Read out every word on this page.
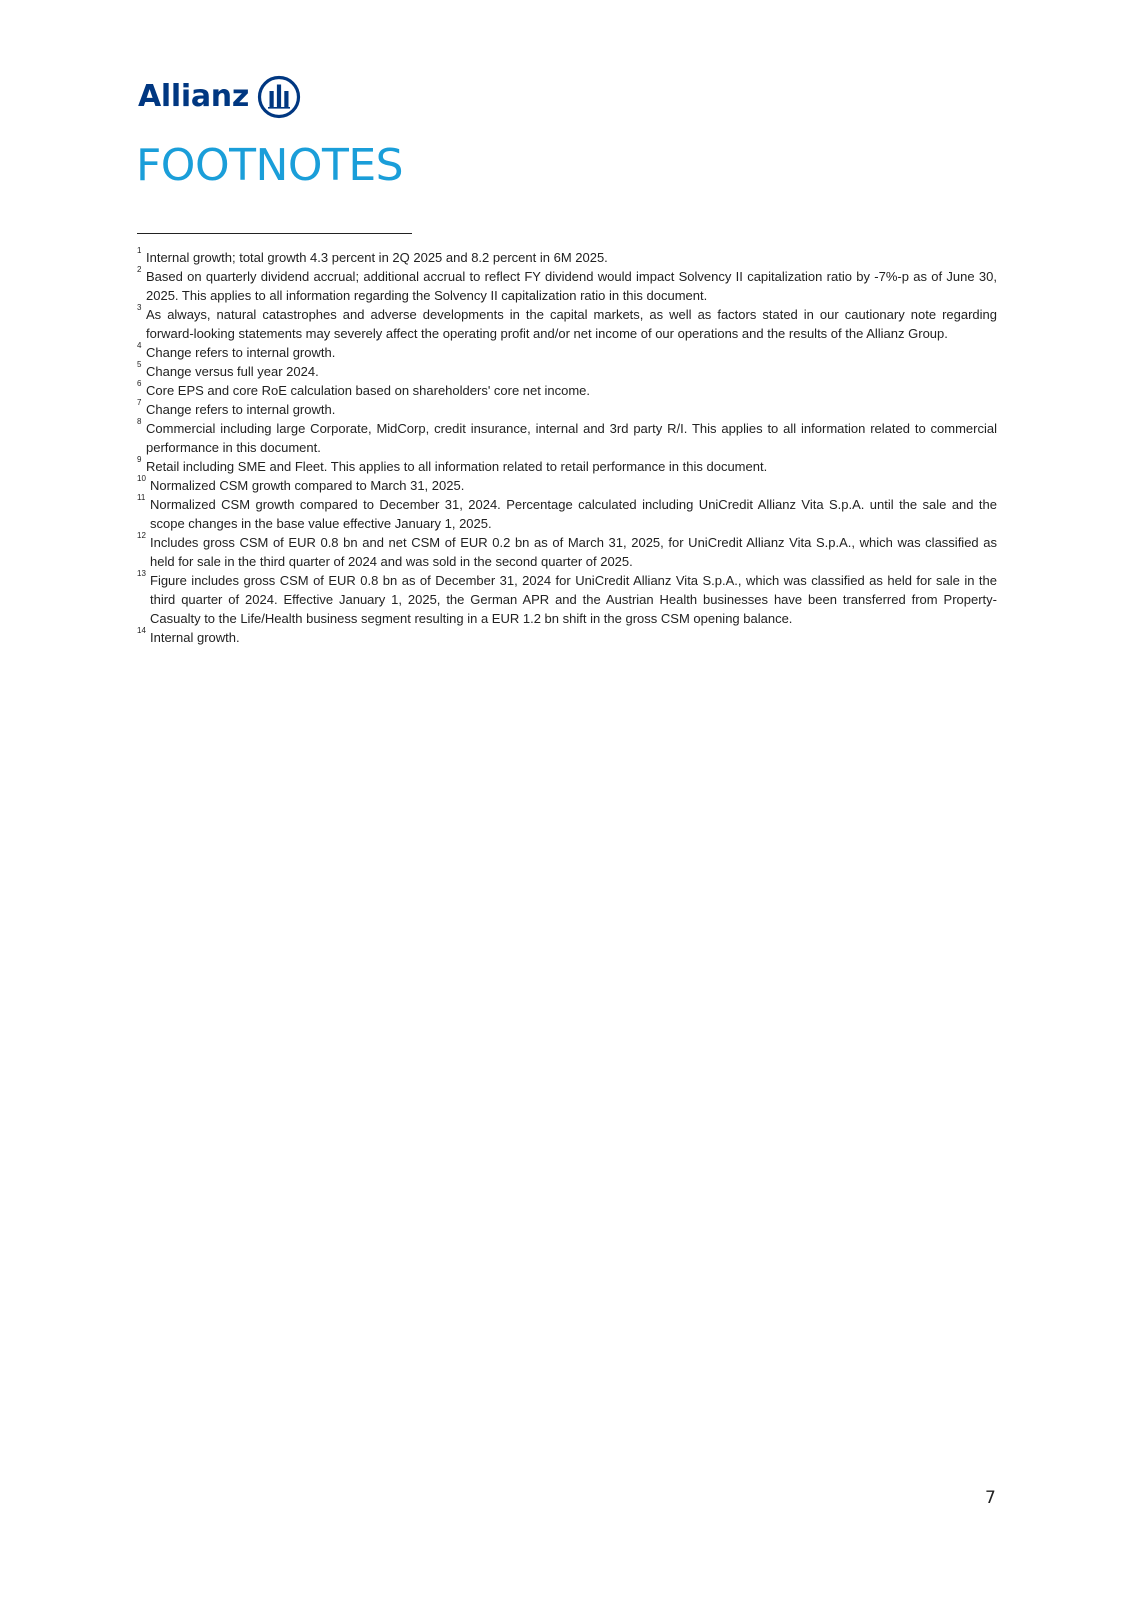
Allianz
FOOTNOTES
1 Internal growth; total growth 4.3 percent in 2Q 2025 and 8.2 percent in 6M 2025.
2 Based on quarterly dividend accrual; additional accrual to reflect FY dividend would impact Solvency II capitalization ratio by -7%-p as of June 30, 2025. This applies to all information regarding the Solvency II capitalization ratio in this document.
3 As always, natural catastrophes and adverse developments in the capital markets, as well as factors stated in our cautionary note regarding forward-looking statements may severely affect the operating profit and/or net income of our operations and the results of the Allianz Group.
4 Change refers to internal growth.
5 Change versus full year 2024.
6 Core EPS and core RoE calculation based on shareholders' core net income.
7 Change refers to internal growth.
8 Commercial including large Corporate, MidCorp, credit insurance, internal and 3rd party R/I. This applies to all information related to commercial performance in this document.
9 Retail including SME and Fleet. This applies to all information related to retail performance in this document.
10 Normalized CSM growth compared to March 31, 2025.
11 Normalized CSM growth compared to December 31, 2024. Percentage calculated including UniCredit Allianz Vita S.p.A. until the sale and the scope changes in the base value effective January 1, 2025.
12 Includes gross CSM of EUR 0.8 bn and net CSM of EUR 0.2 bn as of March 31, 2025, for UniCredit Allianz Vita S.p.A., which was classified as held for sale in the third quarter of 2024 and was sold in the second quarter of 2025.
13 Figure includes gross CSM of EUR 0.8 bn as of December 31, 2024 for UniCredit Allianz Vita S.p.A., which was classified as held for sale in the third quarter of 2024. Effective January 1, 2025, the German APR and the Austrian Health businesses have been transferred from Property-Casualty to the Life/Health business segment resulting in a EUR 1.2 bn shift in the gross CSM opening balance.
14 Internal growth.
7
